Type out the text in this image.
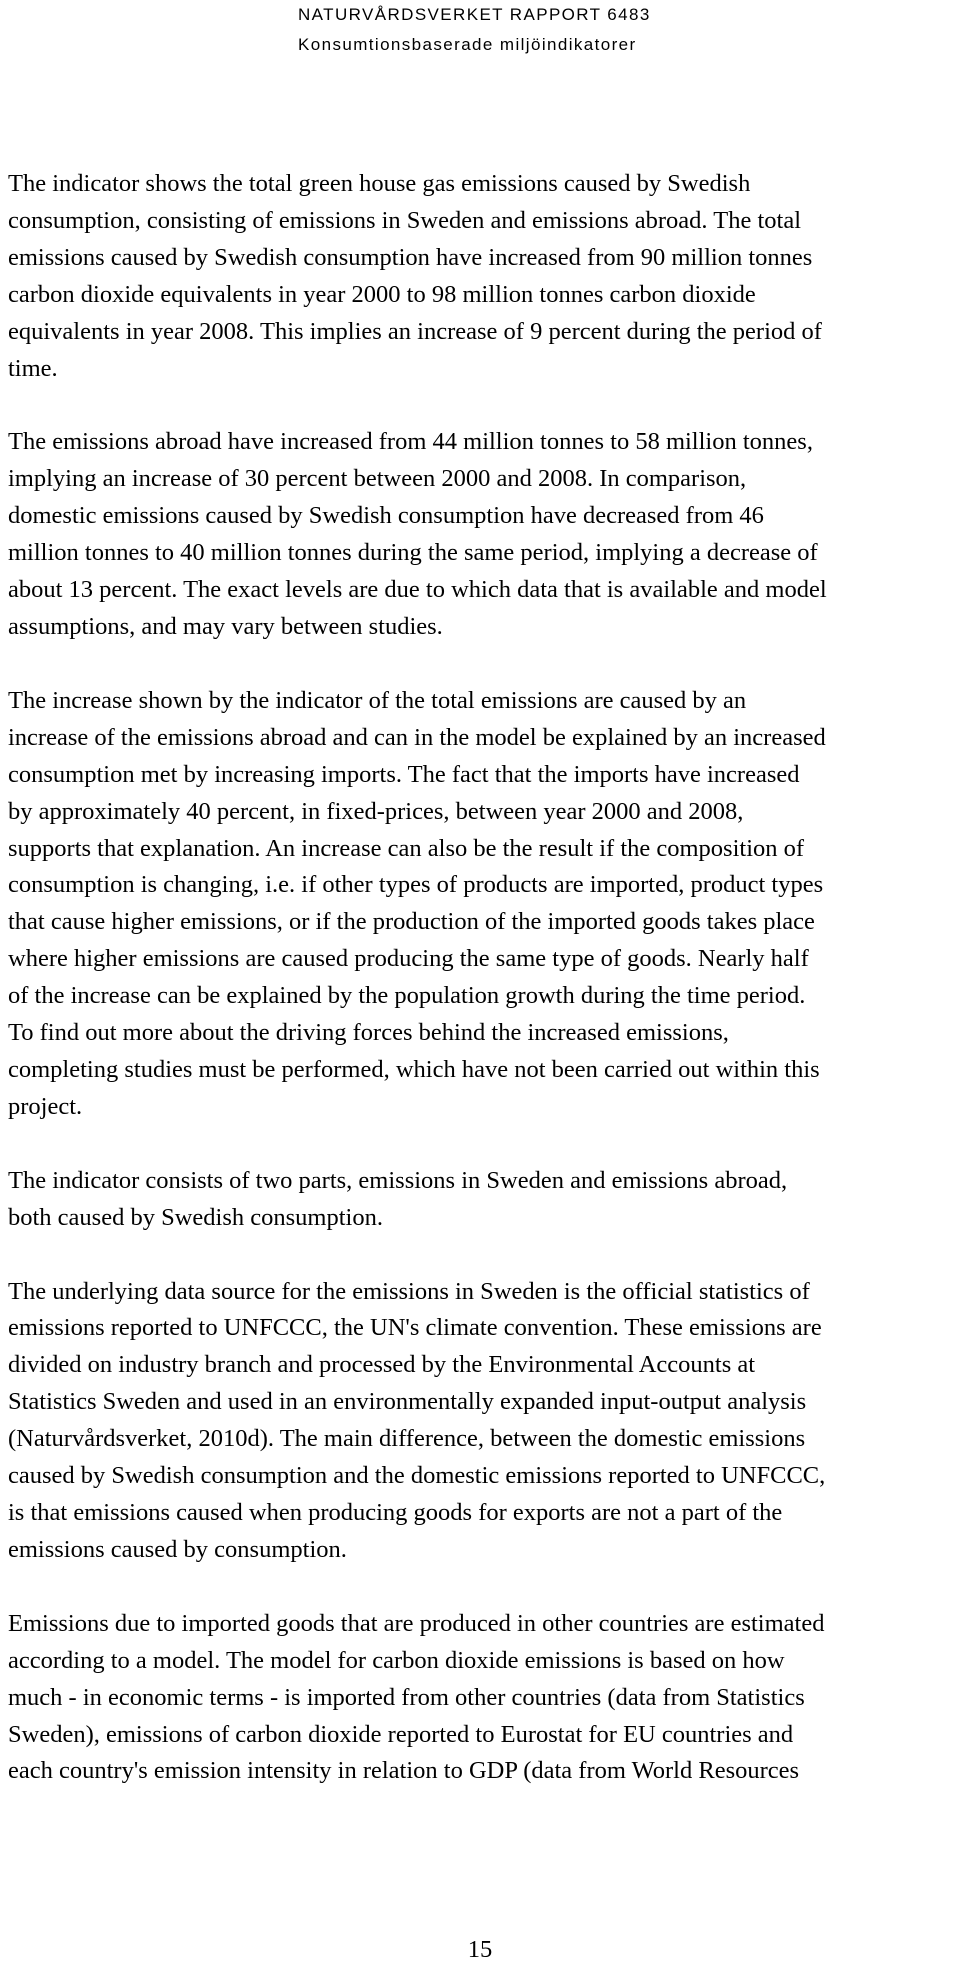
NATURVÅRDSVERKET RAPPORT 6483
Konsumtionsbaserade miljöindikatorer

The indicator shows the total green house gas emissions caused by Swedish
consumption, consisting of emissions in Sweden and emissions abroad. The total
emissions caused by Swedish consumption have increased from 90 million tonnes
carbon dioxide equivalents in year 2000 to 98 million tonnes carbon dioxide
equivalents in year 2008. This implies an increase of 9 percent during the period of
time.

The emissions abroad have increased from 44 million tonnes to 58 million tonnes,
implying an increase of 30 percent between 2000 and 2008. In comparison,
domestic emissions caused by Swedish consumption have decreased from 46
million tonnes to 40 million tonnes during the same period, implying a decrease of
about 13 percent. The exact levels are due to which data that is available and model
assumptions, and may vary between studies.

The increase shown by the indicator of the total emissions are caused by an
increase of the emissions abroad and can in the model be explained by an increased
consumption met by increasing imports. The fact that the imports have increased
by approximately 40 percent, in fixed-prices, between year 2000 and 2008,
supports that explanation. An increase can also be the result if the composition of
consumption is changing, i.e. if other types of products are imported, product types
that cause higher emissions, or if the production of the imported goods takes place
where higher emissions are caused producing the same type of goods. Nearly half
of the increase can be explained by the population growth during the time period.
To find out more about the driving forces behind the increased emissions,
completing studies must be performed, which have not been carried out within this
project.

The indicator consists of two parts, emissions in Sweden and emissions abroad,
both caused by Swedish consumption.

The underlying data source for the emissions in Sweden is the official statistics of
emissions reported to UNFCCC, the UN's climate convention. These emissions are
divided on industry branch and processed by the Environmental Accounts at
Statistics Sweden and used in an environmentally expanded input-output analysis
(Naturvårdsverket, 2010d). The main difference, between the domestic emissions
caused by Swedish consumption and the domestic emissions reported to UNFCCC,
is that emissions caused when producing goods for exports are not a part of the
emissions caused by consumption.

Emissions due to imported goods that are produced in other countries are estimated
according to a model. The model for carbon dioxide emissions is based on how
much - in economic terms - is imported from other countries (data from Statistics
Sweden), emissions of carbon dioxide reported to Eurostat for EU countries and
each country's emission intensity in relation to GDP (data from World Resources

15
